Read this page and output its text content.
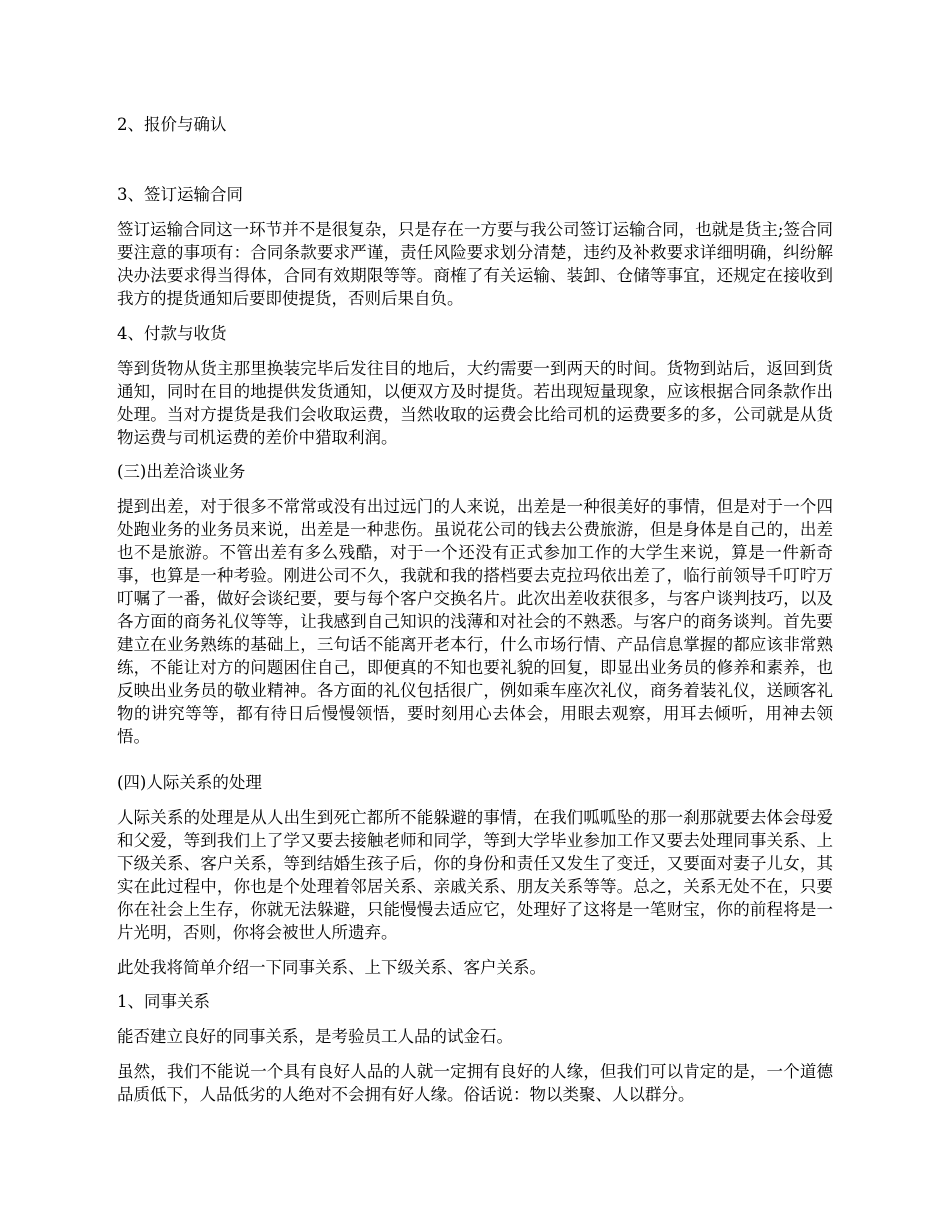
2、报价与确认
3、签订运输合同

签订运输合同这一环节并不是很复杂，只是存在一方要与我公司签订运输合同，也就是货主;签合同要注意的事项有：合同条款要求严谨，责任风险要求划分清楚，违约及补救要求详细明确，纠纷解决办法要求得当得体，合同有效期限等等。商榷了有关运输、装卸、仓储等事宜，还规定在接收到我方的提货通知后要即使提货，否则后果自负。

4、付款与收货

等到货物从货主那里换装完毕后发往目的地后，大约需要一到两天的时间。货物到站后，返回到货通知，同时在目的地提供发货通知，以便双方及时提货。若出现短量现象，应该根据合同条款作出处理。当对方提货是我们会收取运费，当然收取的运费会比给司机的运费要多的多，公司就是从货物运费与司机运费的差价中猎取利润。

(三)出差洽谈业务

提到出差，对于很多不常常或没有出过远门的人来说，出差是一种很美好的事情，但是对于一个四处跑业务的业务员来说，出差是一种悲伤。虽说花公司的钱去公费旅游，但是身体是自己的，出差也不是旅游。不管出差有多么残酷，对于一个还没有正式参加工作的大学生来说，算是一件新奇事，也算是一种考验。刚进公司不久，我就和我的搭档要去克拉玛依出差了，临行前领导千叮咛万叮嘱了一番，做好会谈纪要，要与每个客户交换名片。此次出差收获很多，与客户谈判技巧，以及各方面的商务礼仪等等，让我感到自己知识的浅薄和对社会的不熟悉。与客户的商务谈判。首先要建立在业务熟练的基础上，三句话不能离开老本行，什么市场行情、产品信息掌握的都应该非常熟练，不能让对方的问题困住自己，即便真的不知也要礼貌的回复，即显出业务员的修养和素养，也反映出业务员的敬业精神。各方面的礼仪包括很广，例如乘车座次礼仪，商务着装礼仪，送顾客礼物的讲究等等，都有待日后慢慢领悟，要时刻用心去体会，用眼去观察，用耳去倾听，用神去领悟。

(四)人际关系的处理

人际关系的处理是从人出生到死亡都所不能躲避的事情，在我们呱呱坠的那一刹那就要去体会母爱和父爱，等到我们上了学又要去接触老师和同学，等到大学毕业参加工作又要去处理同事关系、上下级关系、客户关系，等到结婚生孩子后，你的身份和责任又发生了变迁，又要面对妻子儿女，其实在此过程中，你也是个处理着邻居关系、亲戚关系、朋友关系等等。总之，关系无处不在，只要你在社会上生存，你就无法躲避，只能慢慢去适应它，处理好了这将是一笔财宝，你的前程将是一片光明，否则，你将会被世人所遗弃。

此处我将简单介绍一下同事关系、上下级关系、客户关系。
1、同事关系
能否建立良好的同事关系，是考验员工人品的试金石。

虽然，我们不能说一个具有良好人品的人就一定拥有良好的人缘，但我们可以肯定的是，一个道德品质低下，人品低劣的人绝对不会拥有好人缘。俗话说：物以类聚、人以群分。
